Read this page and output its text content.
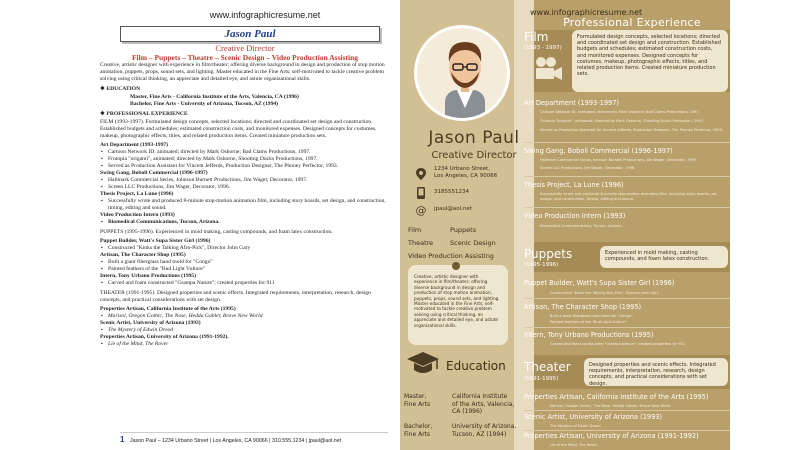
www.infographicresume.net
Jason Paul
Creative Director
Film – Puppets – Theatre – Scenic Design – Video Production Assisting

Creative, artistic designer with experience in film/theater; offering diverse background in design and production of stop motion animation, puppets, props, sound sets, and lighting. Master educated in the Fine Arts; self-motivated to tackle creative problem solving using critical thinking, an appreciate and detailed eye, and astute organizational skills.

❖ EDUCATION

Master, Fine Arts - California Institute of the Arts, Valencia, CA (1996)

Bachelor, Fine Arts - University of Arizona, Tucson, AZ (1994)

❖ PROFESSIONAL EXPERIENCE

FILM (1993-1997). Formulated design concepts, selected locations; directed and coordinated set design and construction. Established budgets and schedules; estimated construction costs, and monitored expenses. Designed concepts for costumes, makeup, photographic effects, titles, and related production items. Created miniature production sets.

Art Department (1993-1997)

▪ Cartoon Network ID, animated; directed by Mark Osborne; Bad Clams Productions, 1997.

▪ Frutopia "origami", animated; directed by Mark Osborne, Shooting Ducks Productions, 1997.

▪ Served as Production Assistant for Vincent Jefferds, Production Designer, The Phoney Perfector, 1993.

Swing Gang, Boboli Commercial (1996-1997)

▪ Hallmark Commercial Series, Johnson Burnett Productions, Jim Wager, Decorator, 1997.

▪ Screen LLC Productions, Jim Wager, Decorator, 1996.

Thesis Project, La Lune (1996)

▪ Successfully wrote and produced 8-minute stop-motion animation film, including story boards, set design, and construction, timing, editing and sound.

Video Production Intern (1993)

▪ Biomedical Communications, Tucson, Arizona.

PUPPETS (1995-1996). Experienced in mold making, casting compounds, and foam latex construction.

Puppet Builder, Watt's Supa Sister Girl (1996)

▪ Constructed "Kinks the Talking Afro-Pick", Director John Gary

Artisan, The Character Shop (1995)

▪ Built a giant fiberglass hand mold for "Congo"

▪ Painted feathers of the "Bud Light Vulture"

Intern, Tony Urbano Productions (1995)

▪ Carved and foam constructed "Grampa Nature"; created properties for 911

THEATER (1991-1995). Designed properties and scenic effects. Integrated requirements, interpretation, research, design concepts, and practical considerations with set design.

Properties Artisan, California Institute of the Arts (1995)

▪ Marisol, Oregon Gothic, The Nose, Hedda Gabler, Brave New World

Scenic Artist, University of Arizona (1993)

▪ The Mystery of Edwin Drood

Properties Artisan, University of Arizona (1991-1992).

▪ Lie of the Mind, The Rover

1 Jason Paul – 1234 Urbano Street | Los Angeles, CA 90066 | 310.555.1234 | jpaul@aol.net
www.infographicresume.net
Jason Paul
Creative Director
1234 Urbano Street,
Los Angeles, CA 90066
3185551234
@ jpaul@aol.net
Film	Puppets
Theatre	Scenic Design
Video Production Assisting
Creative, artistic designer with experience in film/theater; offering diverse background in design and production of stop motion animation, puppets, props, sound sets, and lighting. Master educated in the Fine Arts; self-motivated to tackle creative problem solving using critical thinking, an appreciate and detailed eye, and astute organizational skills.
Education
Master,
Fine Arts
California Institute
of the Arts, Valencia,
CA (1996)
Bachelor,
Fine Arts
University of Arizona,
Tucson, AZ (1994)
Professional Experience
Film
(1993 - 1997)
Formulated design concepts, selected locations; directed and coordinated set design and construction. Established budgets and schedules; estimated construction costs, and monitored expenses. Designed concepts for costumes, makeup, photographic effects, titles, and related production items. Created miniature production sets.
Art Department (1993-1997)
✓ Cartoon Network ID, animated; directed by Mark Osborne; Bad Clams Productions, 1997.
✓ Frutopia "origami", animated; directed by Mark Osborne, Shooting Ducks Production, 1997.
✓ Served as Production Assistant for Vincent Jefferds, Production Designer, The Phoney Perfector, 1993.
Swing Gang, Boboli Commercial (1996-1997)
✓ Hallmark Commercial Series, Johnson Burnett Productions, Jim Wager, Decorator, 1997.
✓ Screen LLC Productions, Jim Wager, Decorator, 1996.
Thesis Project, La Lune (1996)
✓ Successfully wrote and produced 8-minute stop-motion animation film, including story boards, set design, and construction, timing, editing and sound.
Video Production Intern (1993)
✓ Biomedical Communications, Tucson, Arizona.
Puppets
(1995-1996)
Experienced in mold making, casting compounds, and foam latex construction.
Puppet Builder, Watt's Supa Sister Girl (1996)
Constructed "Kinks the Talking Afro-Pick", Director John Gary
Artisan, The Character Shop (1995)
Built a giant fiberglass hand mold for "Congo"
Painted feathers of the "Bud Light Vulture"
Intern, Tony Urbano Productions (1995)
Carved and foam constructed "Grampa Nature"; created properties for 911
Theater
(1991-1995)
Designed properties and scenic effects. Integrated requirements, interpretation, research, design concepts, and practical considerations with set design.
Properties Artisan, California Institute of the Arts (1995)
Marisol, Oregon Gothic, The Nose, Hedda Gabler, Brave New World
Scenic Artist, University of Arizona (1993)
The Mystery of Edwin Drood
Properties Artisan, University of Arizona (1991-1992)
Lie of the Mind, The Rover
